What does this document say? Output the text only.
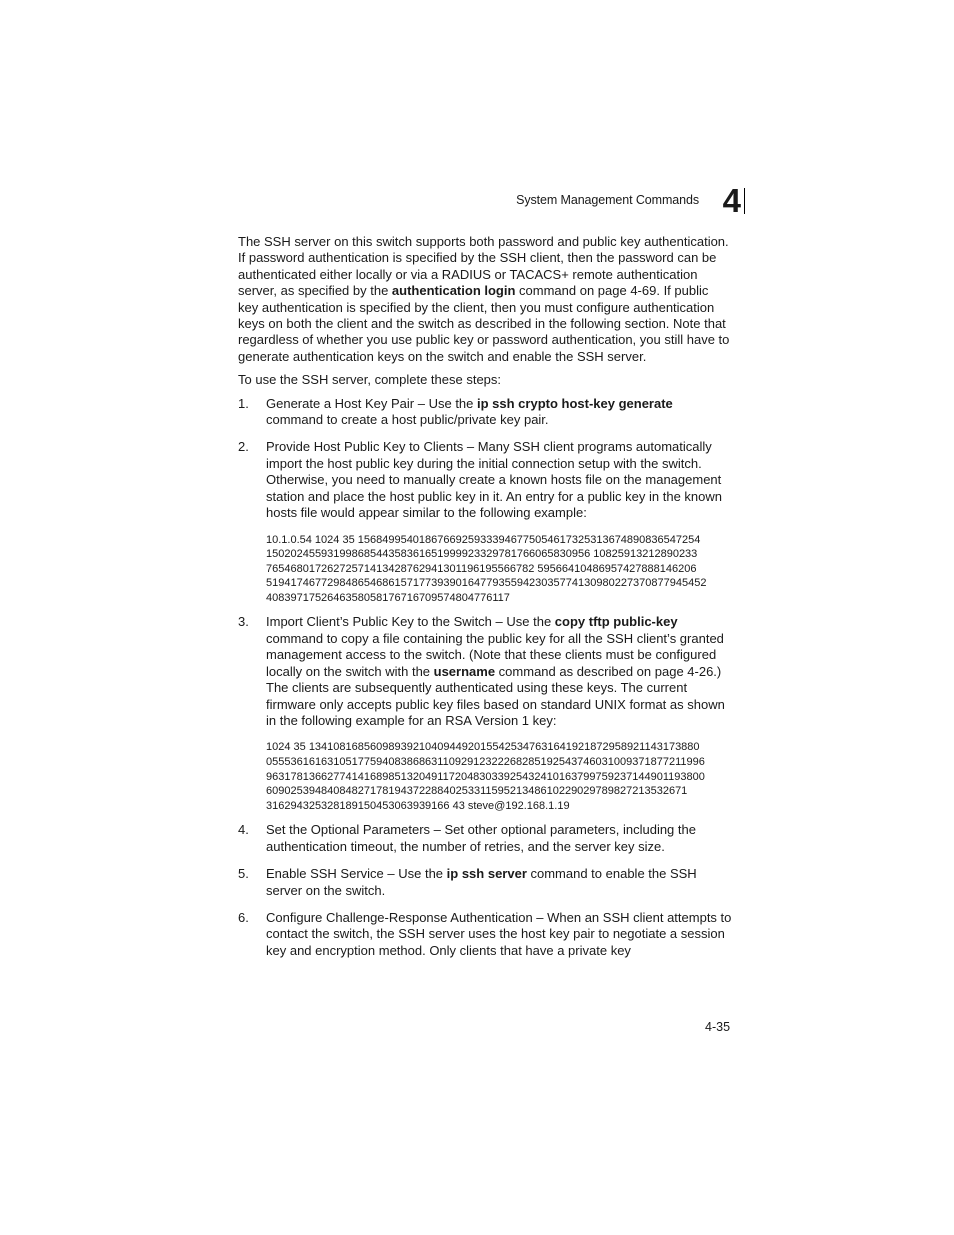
System Management Commands 4

The SSH server on this switch supports both password and public key authentication. If password authentication is specified by the SSH client, then the password can be authenticated either locally or via a RADIUS or TACACS+ remote authentication server, as specified by the authentication login command on page 4-69. If public key authentication is specified by the client, then you must configure authentication keys on both the client and the switch as described in the following section. Note that regardless of whether you use public key or password authentication, you still have to generate authentication keys on the switch and enable the SSH server.

To use the SSH server, complete these steps:

1. Generate a Host Key Pair – Use the ip ssh crypto host-key generate command to create a host public/private key pair.
2. Provide Host Public Key to Clients – Many SSH client programs automatically import the host public key during the initial connection setup with the switch. Otherwise, you need to manually create a known hosts file on the management station and place the host public key in it. An entry for a public key in the known hosts file would appear similar to the following example:
10.1.0.54 1024 35 15684995401867669259333946775054617325313674890836547254
15020245593199868544358361651999923329781766065830956 10825913212890233
76546801726272571413428762941301196195566782 59566410486957427888146206
519417467729848654686157177393901647793559423035774130980227370877945452
4083971752646358058176716709574804776117
3. Import Client’s Public Key to the Switch – Use the copy tftp public-key command to copy a file containing the public key for all the SSH client’s granted management access to the switch. (Note that these clients must be configured locally on the switch with the username command as described on page 4-26.) The clients are subsequently authenticated using these keys. The current firmware only accepts public key files based on standard UNIX format as shown in the following example for an RSA Version 1 key:
1024 35 1341081685609893921040944920155425347631641921872958921143173880
055536161631051775940838686311092912322268285192543746031009371877211996
963178136627741416898513204911720483033925432410163799759237144901193800
609025394840848271781943722884025331159521348610229029789827213532671
316294325328189150453063939166 43 steve@192.168.1.19
4. Set the Optional Parameters – Set other optional parameters, including the authentication timeout, the number of retries, and the server key size.
5. Enable SSH Service – Use the ip ssh server command to enable the SSH server on the switch.
6. Configure Challenge-Response Authentication – When an SSH client attempts to contact the switch, the SSH server uses the host key pair to negotiate a session key and encryption method. Only clients that have a private key
4-35
